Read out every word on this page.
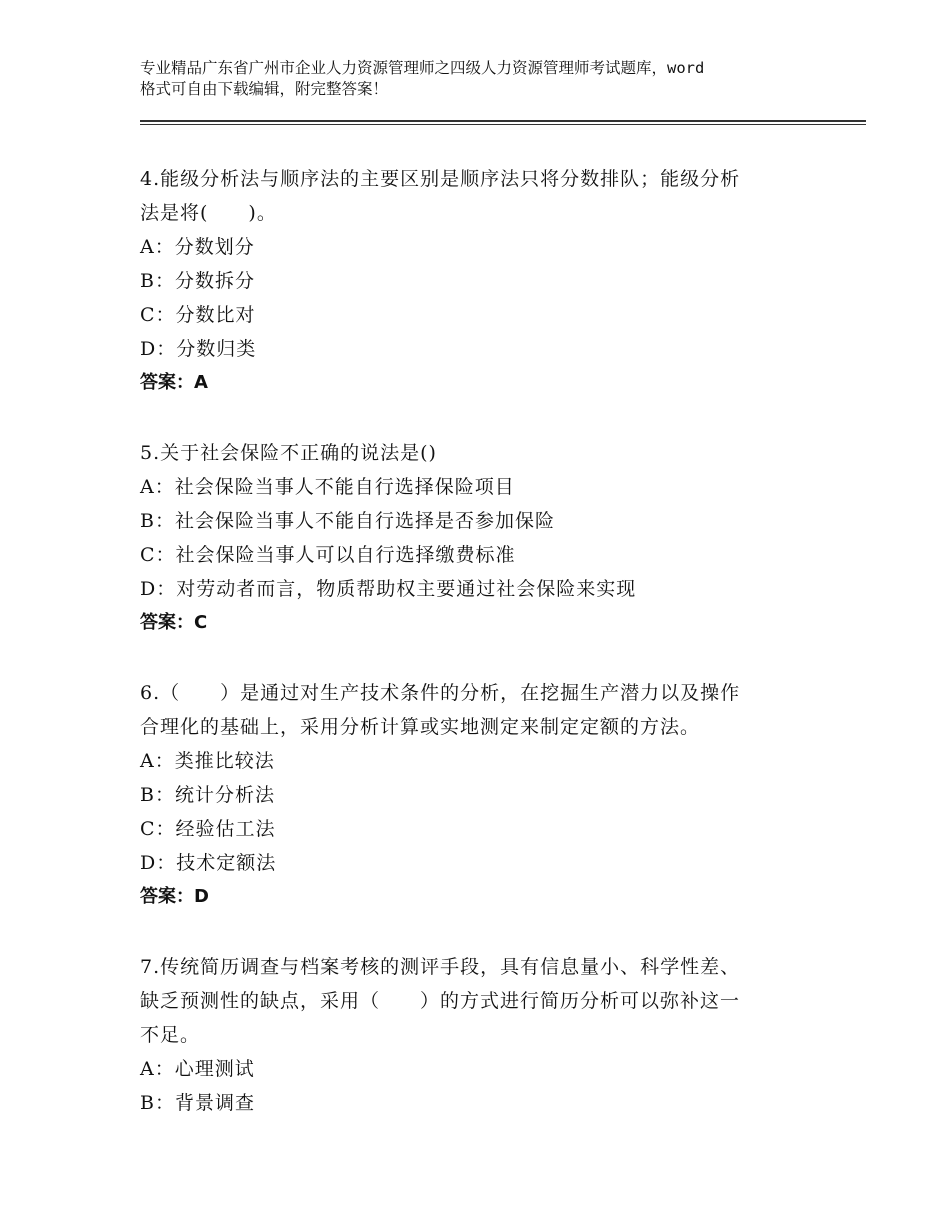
专业精品广东省广州市企业人力资源管理师之四级人力资源管理师考试题库，word
格式可自由下载编辑，附完整答案！

4.能级分析法与顺序法的主要区别是顺序法只将分数排队；能级分析

法是将(　　)。

A：分数划分

B：分数拆分

C：分数比对

D：分数归类

答案：A

5.关于社会保险不正确的说法是()

A：社会保险当事人不能自行选择保险项目

B：社会保险当事人不能自行选择是否参加保险

C：社会保险当事人可以自行选择缴费标准

D：对劳动者而言，物质帮助权主要通过社会保险来实现

答案：C

6.（　　）是通过对生产技术条件的分析，在挖掘生产潜力以及操作

合理化的基础上，采用分析计算或实地测定来制定定额的方法。

A：类推比较法

B：统计分析法

C：经验估工法

D：技术定额法

答案：D

7.传统简历调查与档案考核的测评手段，具有信息量小、科学性差、

缺乏预测性的缺点，采用（　　）的方式进行简历分析可以弥补这一

不足。

A：心理测试

B：背景调查
